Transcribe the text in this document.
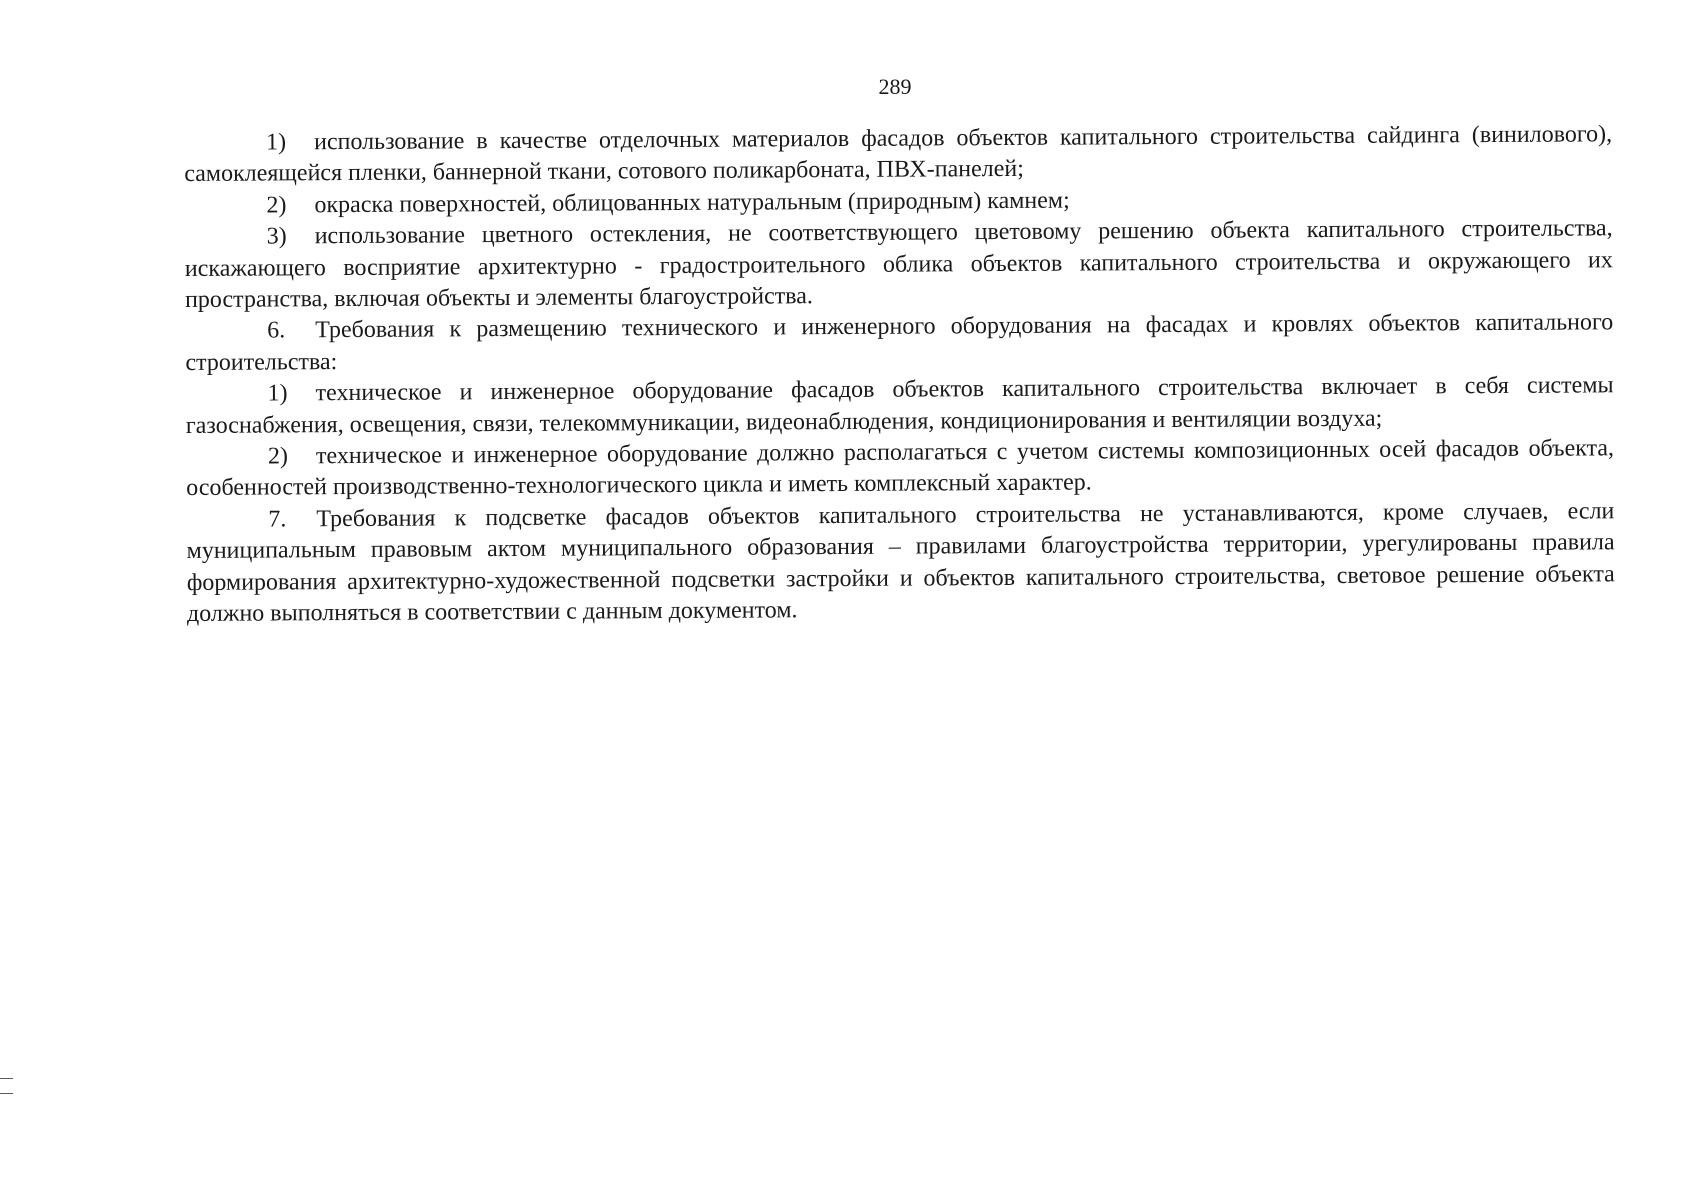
289

1) использование в качестве отделочных материалов фасадов объектов капитального строительства сайдинга (винилового), самоклеящейся пленки, баннерной ткани, сотового поликарбоната, ПВХ-панелей;

2) окраска поверхностей, облицованных натуральным (природным) камнем;

3) использование цветного остекления, не соответствующего цветовому решению объекта капитального строительства, искажающего восприятие архитектурно - градостроительного облика объектов капитального строительства и окружающего их пространства, включая объекты и элементы благоустройства.

6. Требования к размещению технического и инженерного оборудования на фасадах и кровлях объектов капитального строительства:

1) техническое и инженерное оборудование фасадов объектов капитального строительства включает в себя системы газоснабжения, освещения, связи, телекоммуникации, видеонаблюдения, кондиционирования и вентиляции воздуха;

2) техническое и инженерное оборудование должно располагаться с учетом системы композиционных осей фасадов объекта, особенностей производственно-технологического цикла и иметь комплексный характер.

7. Требования к подсветке фасадов объектов капитального строительства не устанавливаются, кроме случаев, если муниципальным правовым актом муниципального образования – правилами благоустройства территории, урегулированы правила формирования архитектурно-художественной подсветки застройки и объектов капитального строительства, световое решение объекта должно выполняться в соответствии с данным документом.
